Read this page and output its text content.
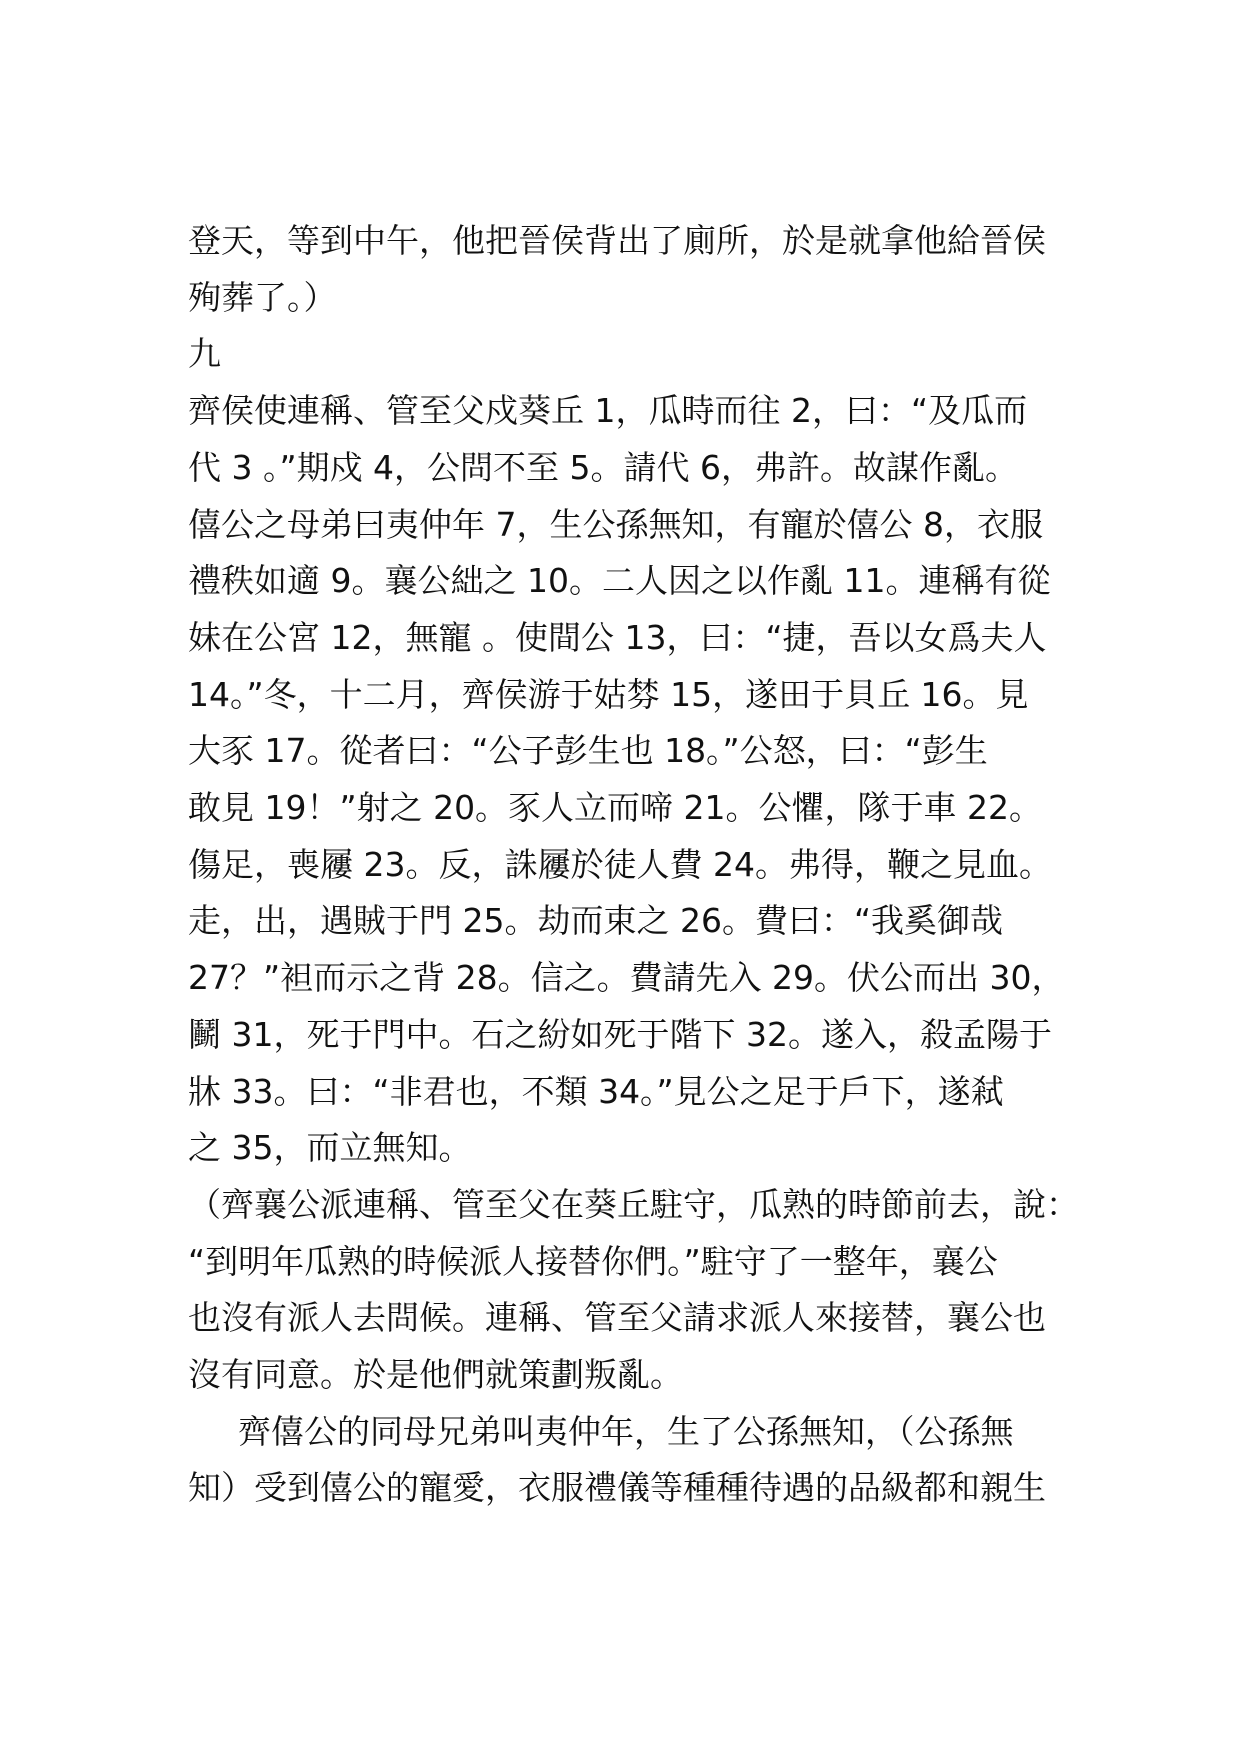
登天，等到中午，他把晉侯背出了廁所，於是就拿他給晉侯

殉葬了。）

九

齊侯使連稱、管至父戍葵丘 1，瓜時而往 2，曰：“及瓜而

代 3 。”期戍 4，公問不至 5。請代 6，弗許。故謀作亂。

僖公之母弟曰夷仲年 7，生公孫無知，有寵於僖公 8，衣服

禮秩如適 9。襄公絀之 10。二人因之以作亂 11。連稱有從

妹在公宮 12，無寵 。使間公 13，曰：“捷，吾以女爲夫人

14。”冬，十二月，齊侯游于姑棼 15，遂田于貝丘 16。見

大豕 17。從者曰：“公子彭生也 18。”公怒，曰：“彭生

敢見 19！”射之 20。豕人立而啼 21。公懼，隊于車 22。

傷足，喪屨 23。反，誅屨於徒人費 24。弗得，鞭之見血。

走，出，遇賊于門 25。劫而束之 26。費曰：“我奚御哉

27？”袒而示之背 28。信之。費請先入 29。伏公而出 30，

鬭 31，死于門中。石之紛如死于階下 32。遂入，殺孟陽于

牀 33。曰：“非君也，不類 34。”見公之足于戶下，遂弒

之 35，而立無知。

（齊襄公派連稱、管至父在葵丘駐守，瓜熟的時節前去，說：

“到明年瓜熟的時候派人接替你們。”駐守了一整年，襄公

也沒有派人去問候。連稱、管至父請求派人來接替，襄公也

沒有同意。於是他們就策劃叛亂。

齊僖公的同母兄弟叫夷仲年，生了公孫無知，（公孫無

知）受到僖公的寵愛，衣服禮儀等種種待遇的品級都和親生
